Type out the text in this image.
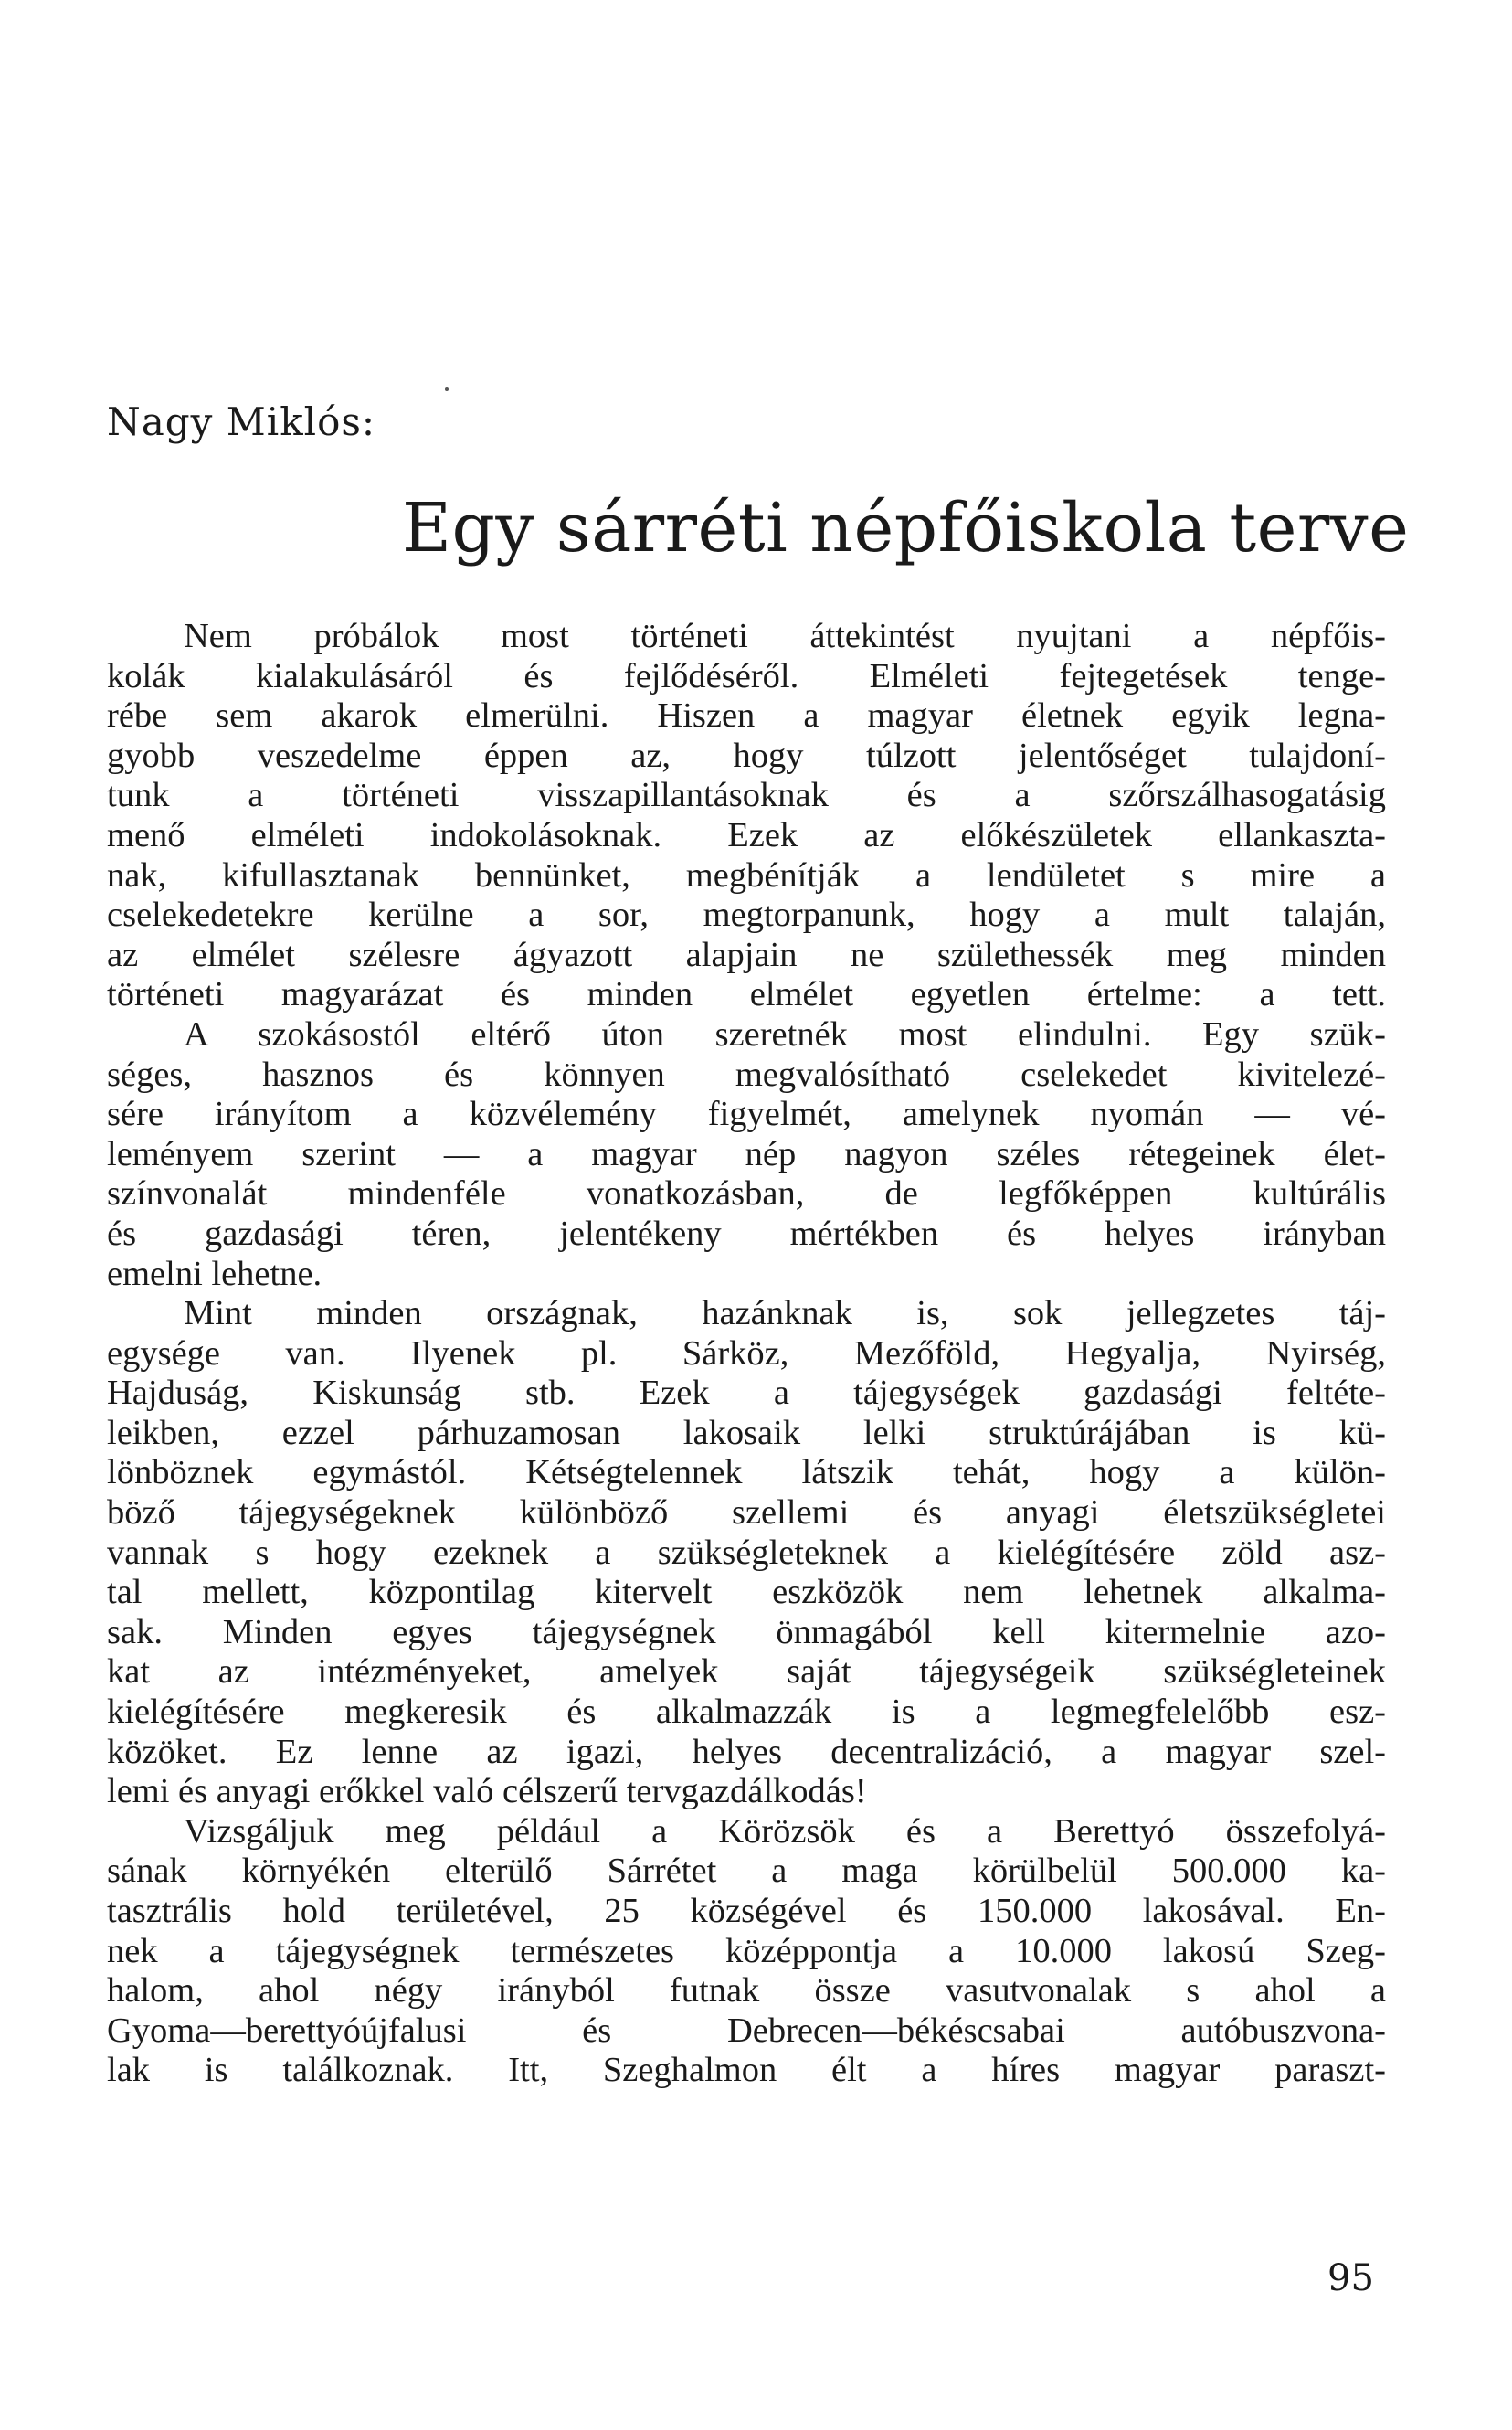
Nagy Miklós:

Egy sárréti népfőiskola terve
Nem próbálok most történeti áttekintést nyujtani a népfőis-
kolák kialakulásáról és fejlődéséről. Elméleti fejtegetések tenge-
rébe sem akarok elmerülni. Hiszen a magyar életnek egyik legna-
gyobb veszedelme éppen az, hogy túlzott jelentőséget tulajdoní-
tunk a történeti visszapillantásoknak és a szőrszálhasogatásig
menő elméleti indokolásoknak. Ezek az előkészületek ellankaszta-
nak, kifullasztanak bennünket, megbénítják a lendületet s mire a
cselekedetekre kerülne a sor, megtorpanunk, hogy a mult talaján,
az elmélet szélesre ágyazott alapjain ne születhessék meg minden
történeti magyarázat és minden elmélet egyetlen értelme: a tett.
A szokásostól eltérő úton szeretnék most elindulni. Egy szük-
séges, hasznos és könnyen megvalósítható cselekedet kivitelezé-
sére irányítom a közvélemény figyelmét, amelynek nyomán — vé-
leményem szerint — a magyar nép nagyon széles rétegeinek élet-
színvonalát mindenféle vonatkozásban, de legfőképpen kultúrális
és gazdasági téren, jelentékeny mértékben és helyes irányban
emelni lehetne.
Mint minden országnak, hazánknak is, sok jellegzetes táj-
egysége van. Ilyenek pl. Sárköz, Mezőföld, Hegyalja, Nyirség,
Hajduság, Kiskunság stb. Ezek a tájegységek gazdasági feltéte-
leikben, ezzel párhuzamosan lakosaik lelki struktúrájában is kü-
lönböznek egymástól. Kétségtelennek látszik tehát, hogy a külön-
böző tájegységeknek különböző szellemi és anyagi életszükségletei
vannak s hogy ezeknek a szükségleteknek a kielégítésére zöld asz-
tal mellett, központilag kitervelt eszközök nem lehetnek alkalma-
sak. Minden egyes tájegységnek önmagából kell kitermelnie azo-
kat az intézményeket, amelyek saját tájegységeik szükségleteinek
kielégítésére megkeresik és alkalmazzák is a legmegfelelőbb esz-
közöket. Ez lenne az igazi, helyes decentralizáció, a magyar szel-
lemi és anyagi erőkkel való célszerű tervgazdálkodás!
Vizsgáljuk meg például a Körözsök és a Berettyó összefolyá-
sának környékén elterülő Sárrétet a maga körülbelül 500.000 ka-
tasztrális hold területével, 25 községével és 150.000 lakosával. En-
nek a tájegységnek természetes középpontja a 10.000 lakosú Szeg-
halom, ahol négy irányból futnak össze vasutvonalak s ahol a
Gyoma—berettyóújfalusi és Debrecen—békéscsabai autóbuszvona-
lak is találkoznak. Itt, Szeghalmon élt a híres magyar paraszt-

95
